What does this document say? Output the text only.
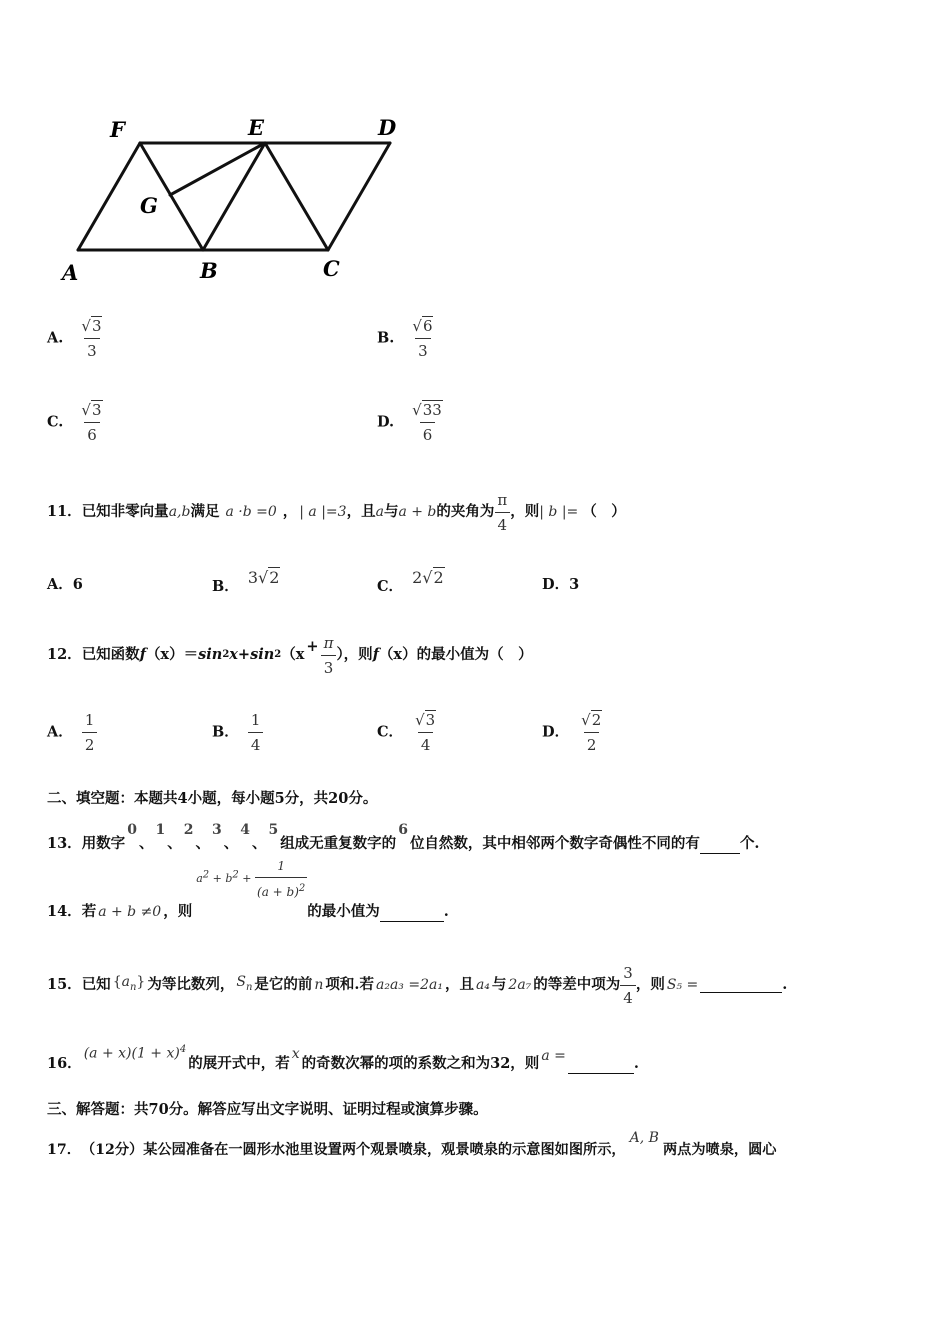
F	E	D
G
A	B	C
A. $\frac{√3}{3}$	B. $\frac{√6}{3}$
C. $\frac{√3}{6}$	D. $\frac{√33}{6}$
11． 已知非零向量 a,b 满足 a ·b =0 ， | a |=3 ，且 a 与 a + b 的夹角为 $\frac{\pi}{4}$ ，则 | b |= （　）
A．6	B． 3√2	C． 2√2	D．3
12． 已知函数 f （x） ＝ sin 2 x+ sin 2 （$x + \frac{\pi}{3}$ ），则 f （x） 的最小值为（　）
A． $\frac{1}{2}$	B． $\frac{1}{4}$	C． $\frac{√3}{4}$	D． $\frac{√2}{2}$
二、填空题：本题共4小题，每小题5分，共20分。
13． 用数字
0
、
1
、
2
、
3
、
4
、
5
组成无重复数字的
6
位自然数，其中相邻两个数字奇偶性不同的有	个.
14． 若 a + b ≠0 ，则
$a2 + b2 + \frac{1}{(a + b)^2}$
的最小值为	.
15． 已知 $\{a_n\}$ 为等比数列， $S_n$ 是它的前 n 项和.若 a₂a₃ =2a₁ ，且 a₄ 与 2a₇ 的等差中项为 $\frac{3}{4}$ ，则 S₅ =	.
16．
$(a + x)(1 + x)^4$
的展开式中，若
x
的奇数次幂的项的系数之和为32，则 a =	.
三、解答题：共70分。解答应写出文字说明、证明过程或演算步骤。
17． （12分）某公园准备在一圆形水池里设置两个观景喷泉，观景喷泉的示意图如图所示，
A, B
两点为喷泉，圆心
